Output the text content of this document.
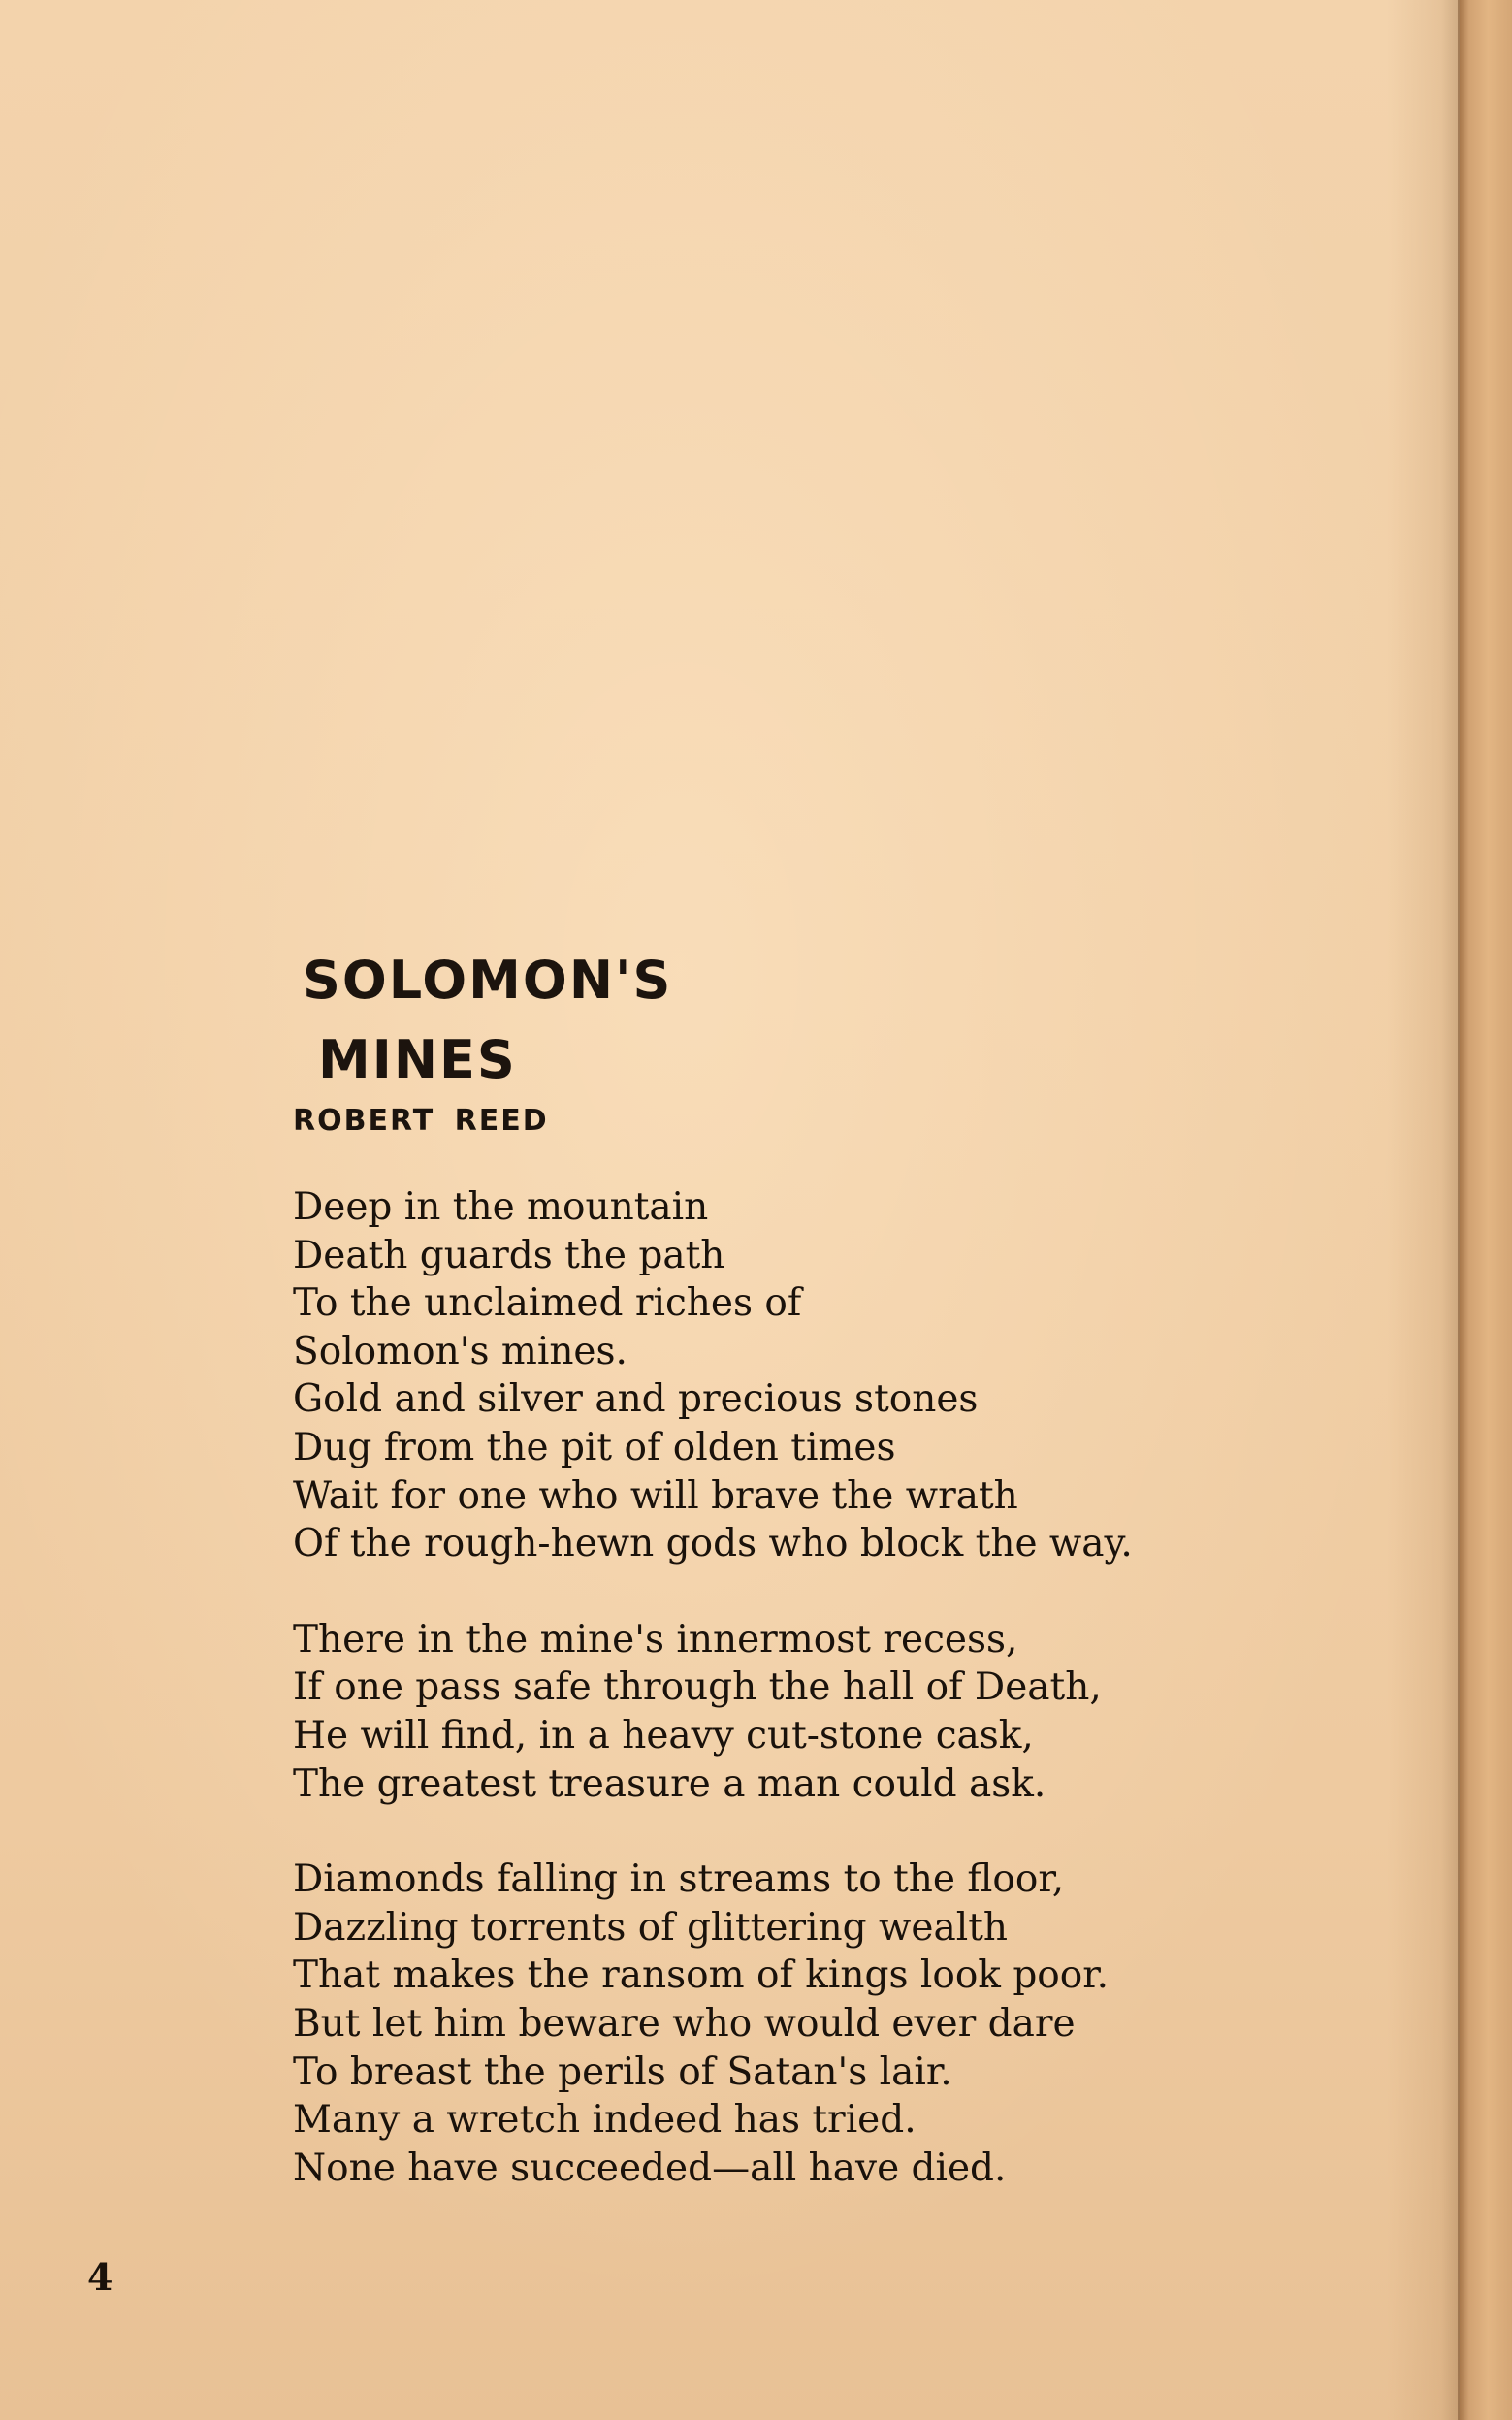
SOLOMON'S
MINES
ROBERT REED
Deep in the mountain
Death guards the path
To the unclaimed riches of
Solomon's mines.
Gold and silver and precious stones
Dug from the pit of olden times
Wait for one who will brave the wrath
Of the rough-hewn gods who block the way.
There in the mine's innermost recess,
If one pass safe through the hall of Death,
He will find, in a heavy cut-stone cask,
The greatest treasure a man could ask.
Diamonds falling in streams to the floor,
Dazzling torrents of glittering wealth
That makes the ransom of kings look poor.
But let him beware who would ever dare
To breast the perils of Satan's lair.
Many a wretch indeed has tried.
None have succeeded—all have died.
4
